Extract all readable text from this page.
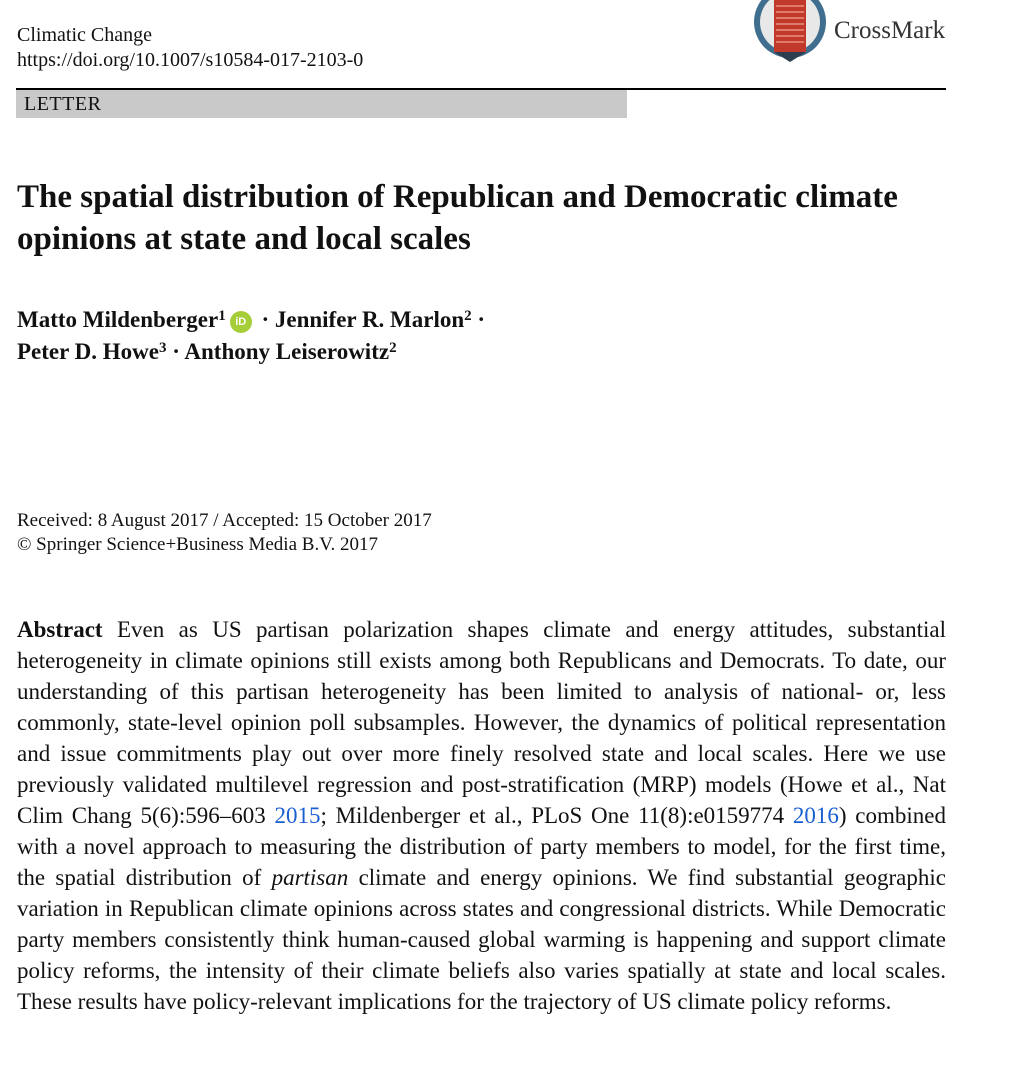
Climatic Change
https://doi.org/10.1007/s10584-017-2103-0
CrossMark
LETTER
The spatial distribution of Republican and Democratic climate opinions at state and local scales
Matto Mildenberger$^1$ iD · Jennifer R. Marlon$^2$ ·
Peter D. Howe$^3$ · Anthony Leiserowitz$^2$
Received: 8 August 2017 / Accepted: 15 October 2017
© Springer Science+Business Media B.V. 2017
Abstract Even as US partisan polarization shapes climate and energy attitudes, substantial heterogeneity in climate opinions still exists among both Republicans and Democrats. To date, our understanding of this partisan heterogeneity has been limited to analysis of national- or, less commonly, state-level opinion poll subsamples. However, the dynamics of political representation and issue commitments play out over more finely resolved state and local scales. Here we use previously validated multilevel regression and post-stratification (MRP) models (Howe et al., Nat Clim Chang 5(6):596–603 2015; Mildenberger et al., PLoS One 11(8):e0159774 2016) combined with a novel approach to measuring the distribution of party members to model, for the first time, the spatial distribution of partisan climate and energy opinions. We find substantial geographic variation in Republican climate opinions across states and congressional districts. While Democratic party members consistently think human-caused global warming is happening and support climate policy reforms, the intensity of their climate beliefs also varies spatially at state and local scales. These results have policy-relevant implications for the trajectory of US climate policy reforms.
